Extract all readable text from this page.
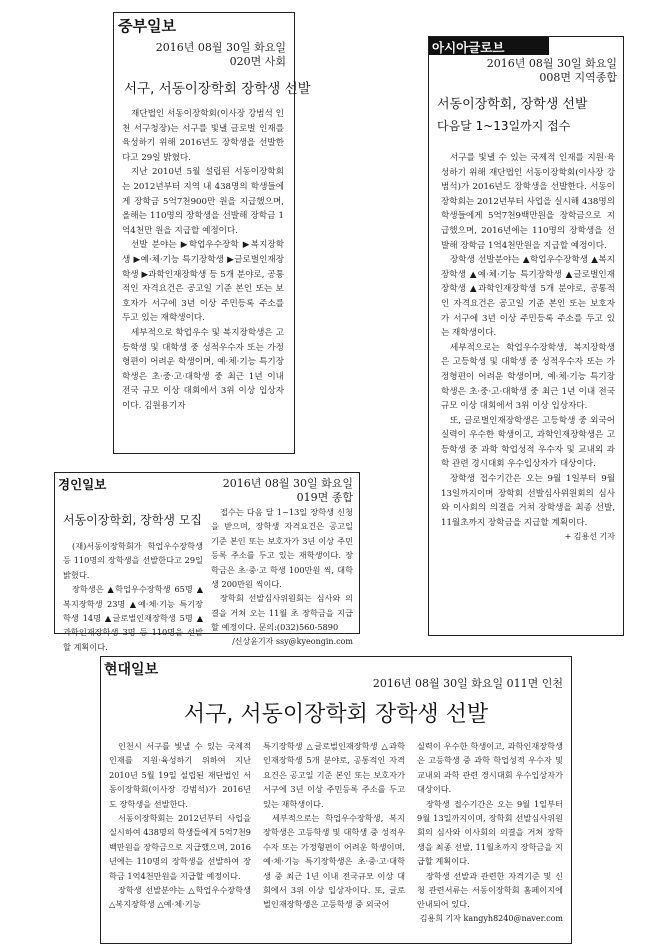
중부일보
2016년 08월 30일 화요일
020면 사회
서구, 서동이장학회 장학생 선발

재단법인 서동이장학회(이사장 강범석 인천 서구청장)는 서구를 빛낼 글로벌 인재를 육성하기 위해 2016년도 장학생을 선발한다고 29일 밝혔다.

지난 2010년 5월 설립된 서동이장학회는 2012년부터 지역 내 438명의 학생들에게 장학금 5억7천900만 원을 지급했으며, 올해는 110명의 장학생을 선발해 장학금 1억4천만 원을 지급할 예정이다.

선발 분야는 ▶학업우수장학 ▶복지장학생 ▶예·체·기능 특기장학생 ▶글로벌인재장학생 ▶과학인재장학생 등 5개 분야로, 공통적인 자격요건은 공고일 기준 본인 또는 보호자가 서구에 3년 이상 주민등록 주소를 두고 있는 재학생이다.

세부적으로 학업우수 및 복지장학생은 고등학생 및 대학생 중 성적우수자 또는 가정형편이 어려운 학생이며, 예·체·기능 특기장학생은 초·중·고·대학생 중 최근 1년 이내 전국 규모 이상 대회에서 3위 이상 입상자이다. 김원용기자

아시아글로브
2016년 08월 30일 화요일
008면 지역종합
서동이장학회, 장학생 선발
다음달 1~13일까지 접수

서구를 빛낼 수 있는 국제적 인재를 지원·육성하기 위해 재단법인 서동이장학회(이사장 강범석)가 2016년도 장학생을 선발한다. 서동이장학회는 2012년부터 사업을 실시해 438명의 학생들에게 5억7천9백만원을 장학금으로 지급했으며, 2016년에는 110명의 장학생을 선발해 장학금 1억4천만원을 지급할 예정이다.

장학생 선발분야는 ▲학업우수장학생 ▲복지장학생 ▲예·체·기능 특기장학생 ▲글로벌인재장학생 ▲과학인재장학생 5개 분야로, 공통적인 자격요건은 공고일 기준 본인 또는 보호자가 서구에 3년 이상 주민등록 주소를 두고 있는 재학생이다.

세부적으로는 학업우수장학생, 복지장학생은 고등학생 및 대학생 중 성적우수자 또는 가정형편이 어려운 학생이며, 예·체·기능 특기장학생은 초·중·고·대학생 중 최근 1년 이내 전국규모 이상 대회에서 3위 이상 입상자다.

또, 글로벌인재장학생은 고등학생 중 외국어 실력이 우수한 학생이고, 과학인재장학생은 고등학생 중 과학 학업성적 우수자 및 교내외 과학 관련 경시대회 우수입상자가 대상이다.

장학생 접수기간은 오는 9월 1일부터 9월 13일까지이며 장학회 선발심사위원회의 심사와 이사회의 의결을 거쳐 장학생을 최종 선발, 11월초까지 장학금을 지급할 계획이다.

+ 김용선 기자
경인일보	2016년 08월 30일 화요일
019면 종합
서동이장학회, 장학생 모집

(재)서동이장학회가 학업우수장학생 등 110명의 장학생을 선발한다고 29일 밝혔다.

장학생은 ▲학업우수장학생 65명 ▲복지장학생 23명 ▲예·체·기능 특기장학생 14명 ▲글로벌인재장학생 5명 ▲과학인재장학생 3명 등 110명을 선발할 계획이다.

접수는 다음 달 1~13일 장학생 신청을 받으며, 장학생 자격요건은 공고일 기준 본인 또는 보호자가 3년 이상 주민등록 주소를 두고 있는 재학생이다. 장학금은 초·중·고 학생 100만원 씩, 대학생 200만원 씩이다.

장학회 선발심사위원회는 심사와 의결을 거쳐 오는 11월 초 장학금을 지급할 예정이다. 문의:(032)560-5890

/신상윤기자 ssy@kyeongin.com
현대일보
2016년 08월 30일 화요일 011면 인천
서구, 서동이장학회 장학생 선발

인천시 서구를 빛낼 수 있는 국제적 인재를 지원·육성하기 위하여 지난 2010년 5월 19일 설립된 재단법인 서동이장학회(이사장 강범석)가 2016년도 장학생을 선발한다.

서동이장학회는 2012년부터 사업을 실시하여 438명의 학생들에게 5억7천9백만원을 장학금으로 지급했으며, 2016년에는 110명의 장학생을 선발하여 장학금 1억4천만원을 지급할 예정이다.

장학생 선발분야는 △학업우수장학생 △복지장학생 △예·체·기능

특기장학생 △글로벌인재장학생 △과학인재장학생 5개 분야로, 공통적인 자격요건은 공고일 기준 본인 또는 보호자가 서구에 3년 이상 주민등록 주소를 두고 있는 재학생이다.

세부적으로는 학업우수장학생, 복지장학생은 고등학생 및 대학생 중 성적우수자 또는 가정형편이 어려운 학생이며, 예·체·기능 특기장학생은 초·중·고·대학생 중 최근 1년 이내 전국규모 이상 대회에서 3위 이상 입상자이다. 또, 글로벌인재장학생은 고등학생 중 외국어

실력이 우수한 학생이고, 과학인재장학생은 고등학생 중 과학 학업성적 우수자 및 교내외 과학 관련 경시대회 우수입상자가 대상이다.

장학생 접수기간은 오는 9월 1일부터 9월 13일까지이며, 장학회 선발심사위원회의 심사와 이사회의 의결을 거쳐 장학생을 최종 선발, 11월초까지 장학금을 지급할 계획이다.

장학생 선발과 관련한 자격기준 및 신청 관련서류는 서동이장학회 홈페이지에 안내되어 있다.

김용희 기자 kangyh8240@naver.com
